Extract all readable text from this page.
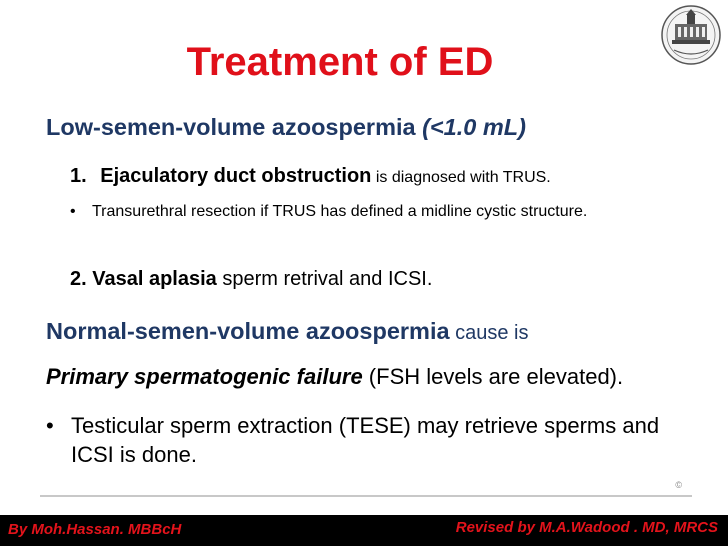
Treatment of ED
Low-semen-volume azoospermia (<1.0 mL)
1. Ejaculatory duct obstruction is diagnosed with TRUS.
• Transurethral resection if TRUS has defined a midline cystic structure.
2. Vasal aplasia sperm retrival and ICSI.
Normal-semen-volume azoospermia cause is
Primary spermatogenic failure (FSH levels are elevated).
• Testicular sperm extraction (TESE) may retrieve sperms and ICSI is done.
©
By Moh.Hassan. MBBcH	Revised by M.A.Wadood . MD, MRCS
